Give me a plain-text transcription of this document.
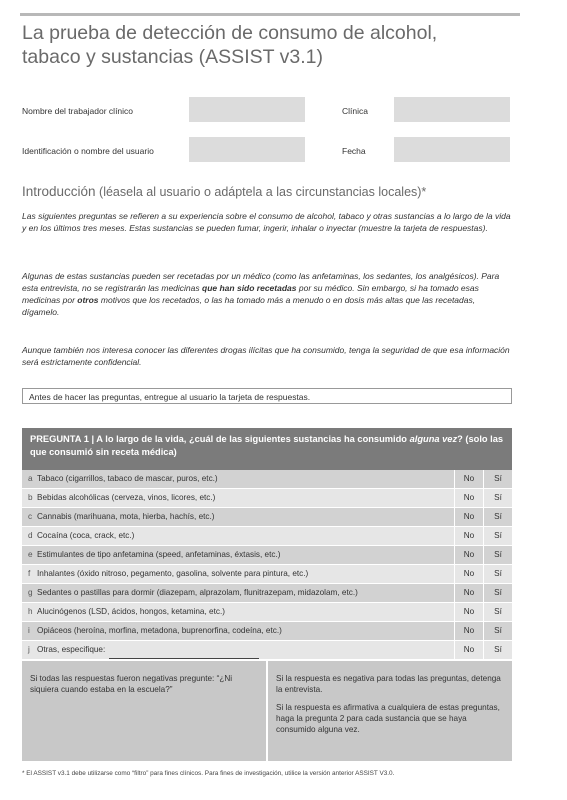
La prueba de detección de consumo de alcohol,
tabaco y sustancias (ASSIST v3.1)
Nombre del trabajador clínico	Clínica
Identificación o nombre del usuario	Fecha
Introducción (léasela al usuario o adáptela a las circunstancias locales)*
Las siguientes preguntas se refieren a su experiencia sobre el consumo de alcohol, tabaco y otras sustancias a lo largo de la vida y en los últimos tres meses. Estas sustancias se pueden fumar, ingerir, inhalar o inyectar (muestre la tarjeta de respuestas).
Algunas de estas sustancias pueden ser recetadas por un médico (como las anfetaminas, los sedantes, los analgésicos). Para esta entrevista, no se registrarán las medicinas que han sido recetadas por su médico. Sin embargo, si ha tomado esas medicinas por otros motivos que los recetados, o las ha tomado más a menudo o en dosis más altas que las recetadas, dígamelo.
Aunque también nos interesa conocer las diferentes drogas ilícitas que ha consumido, tenga la seguridad de que esa información será estrictamente confidencial.
Antes de hacer las preguntas, entregue al usuario la tarjeta de respuestas.
PREGUNTA 1 | A lo largo de la vida, ¿cuál de las siguientes sustancias ha consumido alguna vez? (solo las que consumió sin receta médica)
a Tabaco (cigarrillos, tabaco de mascar, puros, etc.)	No	Sí
b Bebidas alcohólicas (cerveza, vinos, licores, etc.)	No	Sí
c Cannabis (marihuana, mota, hierba, hachís, etc.)	No	Sí
d Cocaína (coca, crack, etc.)	No	Sí
e Estimulantes de tipo anfetamina (speed, anfetaminas, éxtasis, etc.)	No	Sí
f Inhalantes (óxido nitroso, pegamento, gasolina, solvente para pintura, etc.)	No	Sí
g Sedantes o pastillas para dormir (diazepam, alprazolam, flunitrazepam, midazolam, etc.)	No	Sí
h Alucinógenos (LSD, ácidos, hongos, ketamina, etc.)	No	Sí
i Opiáceos (heroína, morfina, metadona, buprenorfina, codeína, etc.)	No	Sí
j Otras, especifique:	No	Sí
Si todas las respuestas fueron negativas pregunte: “¿Ni siquiera cuando estaba en la escuela?”

Si la respuesta es negativa para todas las preguntas, detenga la entrevista.

Si la respuesta es afirmativa a cualquiera de estas preguntas, haga la pregunta 2 para cada sustancia que se haya consumido alguna vez.

* El ASSIST v3.1 debe utilizarse como “filtro” para fines clínicos. Para fines de investigación, utilice la versión anterior ASSIST V3.0.
